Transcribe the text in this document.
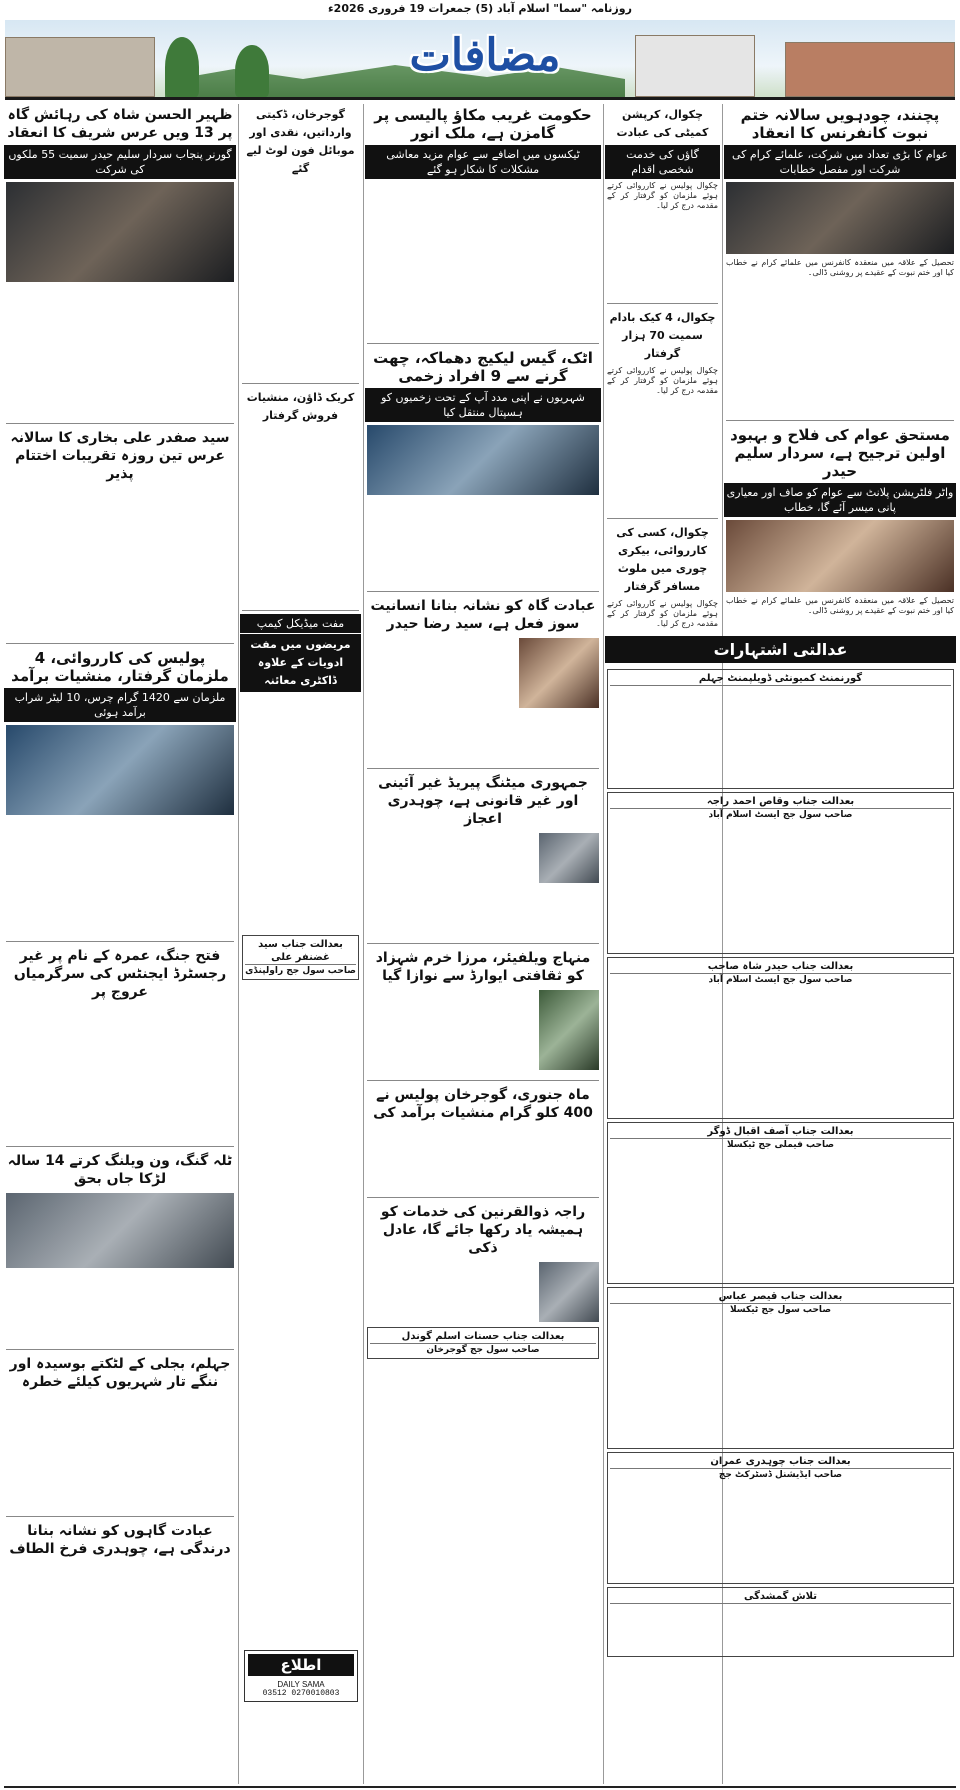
روزنامہ "سما" اسلام آباد (5) جمعرات 19 فروری 2026ء
مضافات
پچنند، چودہویں سالانہ ختم نبوت کانفرنس کا انعقاد
عوام کا بڑی تعداد میں شرکت، علمائے کرام کی شرکت اور مفصل خطابات
تحصیل کے علاقہ میں منعقدہ کانفرنس میں علمائے کرام نے خطاب کیا اور ختم نبوت کے عقیدے پر روشنی ڈالی۔
مستحق عوام کی فلاح و بہبود اولین ترجیح ہے، سردار سلیم حیدر
واٹر فلٹریشن پلانٹ سے عوام کو صاف اور معیاری پانی میسر آئے گا، خطاب
تحصیل کے علاقہ میں منعقدہ کانفرنس میں علمائے کرام نے خطاب کیا اور ختم نبوت کے عقیدے پر روشنی ڈالی۔
چکوال، کرپشن کمیٹی کی عبادت
گاؤں کی خدمت شخصی اقدام
چکوال پولیس نے کارروائی کرتے ہوئے ملزمان کو گرفتار کر کے مقدمہ درج کر لیا۔
چکوال، 4 کیک بادام سمیت 70 ہزار گرفتار
چکوال پولیس نے کارروائی کرتے ہوئے ملزمان کو گرفتار کر کے مقدمہ درج کر لیا۔
چکوال، کسی کی کارروائی، بیکری چوری میں ملوث مسافر گرفتار
چکوال پولیس نے کارروائی کرتے ہوئے ملزمان کو گرفتار کر کے مقدمہ درج کر لیا۔
حکومت غریب مکاؤ پالیسی پر گامزن ہے، ملک انور
ٹیکسوں میں اضافے سے عوام مزید معاشی مشکلات کا شکار ہو گئے
اٹک، گیس لیکیج دھماکہ، چھت گرنے سے 9 افراد زخمی
شہریوں نے اپنی مدد آپ کے تحت زخمیوں کو ہسپتال منتقل کیا
عبادت گاہ کو نشانہ بنانا انسانیت سوز فعل ہے، سید رضا حیدر
جمہوری میٹنگ پیریڈ غیر آئینی اور غیر قانونی ہے، چوہدری اعجاز
منہاج ویلفیئر، مرزا خرم شہزاد کو ثقافتی ایوارڈ سے نوازا گیا
ماہ جنوری، گوجرخان پولیس نے 400 کلو گرام منشیات برآمد کی
راجہ ذوالقرنین کی خدمات کو ہمیشہ یاد رکھا جائے گا، عادل ذکی
بعدالت جناب حسنات اسلم گوندل
صاحب سول جج گوجرخان
گوجرخان، ڈکیتی وارداتیں، نقدی اور موبائل فون لوٹ لیے گئے
کریک ڈاؤن، منشیات فروش گرفتار
مفت میڈیکل کیمپ
مریضوں میں مفت ادویات کے علاوہ ڈاکٹری معائنہ
بعدالت جناب سید غضنفر علی
صاحب سول جج راولپنڈی
ظہیر الحسن شاہ کی رہائش گاہ پر 13 ویں عرس شریف کا انعقاد
گورنر پنجاب سردار سلیم حیدر سمیت 55 ملکوں کی شرکت
سید صفدر علی بخاری کا سالانہ عرس تین روزہ تقریبات اختتام پذیر
پولیس کی کارروائی، 4 ملزمان گرفتار، منشیات برآمد
ملزمان سے 1420 گرام چرس، 10 لیٹر شراب برآمد ہوئی
فتح جنگ، عمرہ کے نام پر غیر رجسٹرڈ ایجنٹس کی سرگرمیاں عروج پر
ٹلہ گنگ، ون ویلنگ کرتے 14 سالہ لڑکا جاں بحق
جہلم، بجلی کے لٹکتے بوسیدہ اور ننگے تار شہریوں کیلئے خطرہ
عبادت گاہوں کو نشانہ بنانا درندگی ہے، چوہدری فرخ الطاف
عدالتی اشتہارات
گورنمنٹ کمیونٹی ڈویلپمنٹ جہلم
بعدالت جناب وقاص احمد راجہ
صاحب سول جج ایسٹ اسلام آباد
بعدالت جناب حیدر شاہ صاحب
صاحب سول جج ایسٹ اسلام آباد
بعدالت جناب آصف اقبال ڈوگر
صاحب فیملی جج ٹیکسلا
بعدالت جناب قیصر عباس
صاحب سول جج ٹیکسلا
بعدالت جناب چوہدری عمران
صاحب ایڈیشنل ڈسٹرکٹ جج
تلاش گمشدگی
اطلاع
DAILY SAMA
03512 0270010803
